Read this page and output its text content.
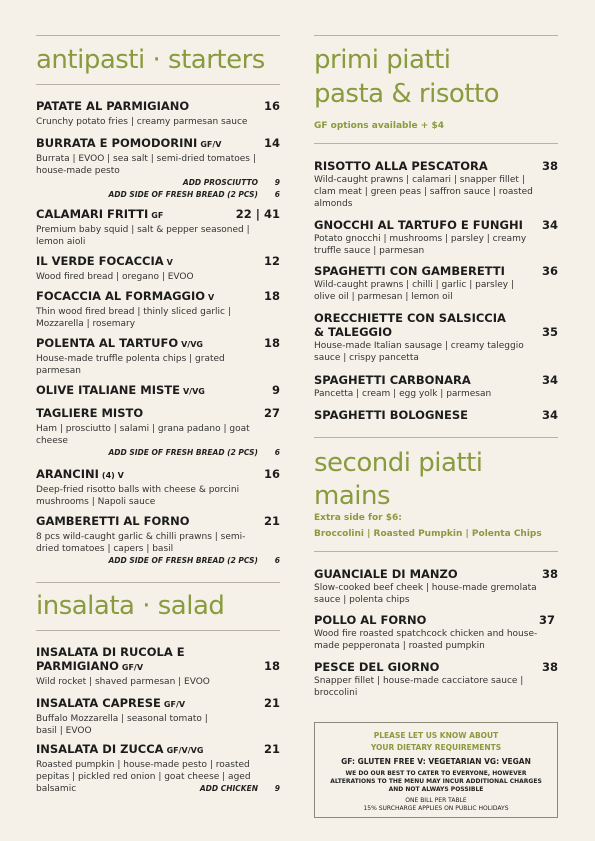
antipasti · starters
PATATE AL PARMIGIANO	16
Crunchy potato fries | creamy parmesan sauce
BURRATA E POMODORINI GF/V	14
Burrata | EVOO | sea salt | semi-dried tomatoes | house-made pesto
ADD PROSCIUTTO	9
ADD SIDE OF FRESH BREAD (2 PCS)	6
CALAMARI FRITTI GF	22 | 41
Premium baby squid | salt & pepper seasoned | lemon aioli
IL VERDE FOCACCIA V	12
Wood fired bread | oregano | EVOO
FOCACCIA AL FORMAGGIO V	18
Thin wood fired bread | thinly sliced garlic | Mozzarella | rosemary
POLENTA AL TARTUFO V/VG	18
House-made truffle polenta chips | grated parmesan
OLIVE ITALIANE MISTE V/VG	9
TAGLIERE MISTO	27
Ham | prosciutto | salami | grana padano | goat cheese
ADD SIDE OF FRESH BREAD (2 PCS)	6
ARANCINI (4) V	16
Deep-fried risotto balls with cheese & porcini mushrooms | Napoli sauce
GAMBERETTI AL FORNO	21
8 pcs wild-caught garlic & chilli prawns | semi-dried tomatoes | capers | basil
ADD SIDE OF FRESH BREAD (2 PCS)	6
insalata · salad
INSALATA DI RUCOLA E PARMIGIANO GF/V	18
Wild rocket | shaved parmesan | EVOO
INSALATA CAPRESE GF/V	21
Buffalo Mozzarella | seasonal tomato | basil | EVOO
INSALATA DI ZUCCA GF/V/VG	21
Roasted pumpkin | house-made pesto | roasted pepitas | pickled red onion | goat cheese | aged balsamic	ADD CHICKEN	9
primi piatti
pasta & risotto
GF options available + $4
RISOTTO ALLA PESCATORA	38
Wild-caught prawns | calamari | snapper fillet | clam meat | green peas | saffron sauce | roasted almonds
GNOCCHI AL TARTUFO E FUNGHI 34
Potato gnocchi | mushrooms | parsley | creamy truffle sauce | parmesan
SPAGHETTI CON GAMBERETTI	36
Wild-caught prawns | chilli | garlic | parsley | olive oil | parmesan | lemon oil
ORECCHIETTE CON SALSICCIA & TALEGGIO	35
House-made Italian sausage | creamy taleggio sauce | crispy pancetta
SPAGHETTI CARBONARA	34
Pancetta | cream | egg yolk | parmesan
SPAGHETTI BOLOGNESE	34
secondi piatti
mains
Extra side for $6:
Broccolini | Roasted Pumpkin | Polenta Chips
GUANCIALE DI MANZO	38
Slow-cooked beef cheek | house-made gremolata sauce | polenta chips
POLLO AL FORNO	37
Wood fire roasted spatchcock chicken and house-made pepperonata | roasted pumpkin
PESCE DEL GIORNO	38
Snapper fillet | house-made cacciatore sauce | broccolini
PLEASE LET US KNOW ABOUT
YOUR DIETARY REQUIREMENTS
GF: GLUTEN FREE V: VEGETARIAN VG: VEGAN
WE DO OUR BEST TO CATER TO EVERYONE, HOWEVER ALTERATIONS TO THE MENU MAY INCUR ADDITIONAL CHARGES AND NOT ALWAYS POSSIBLE
ONE BILL PER TABLE
15% SURCHARGE APPLIES ON PUBLIC HOLIDAYS
